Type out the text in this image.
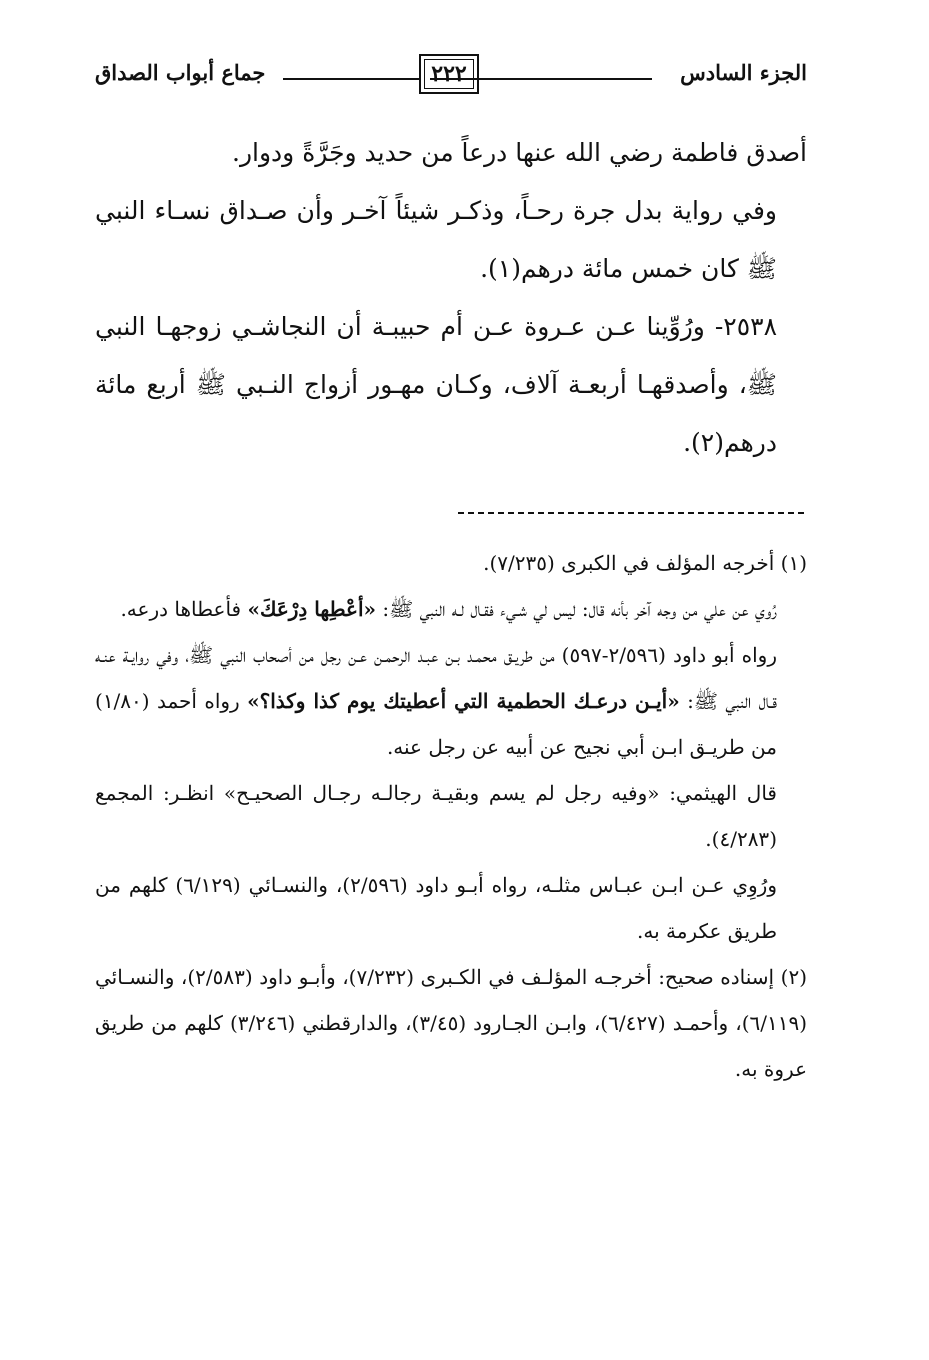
الجزء السادس
٢٢٢
جماع أبواب الصداق

أصدق فاطمة رضي الله عنها درعاً من حديد وجَرَّةً ودوار.

وفي رواية بدل جرة رحـاً، وذكـر شيئاً آخـر وأن صـداق نسـاء النبي ﷺ كان خمس مائة درهم(١).

٢٥٣٨- ورُوِّينا عـن عـروة عـن أم حبيبـة أن النجاشـي زوجهـا النبي ﷺ، وأصدقهـا أربعـة آلاف، وكـان مهـور أزواج النـبي ﷺ أربع مائة درهم(٢).

(١) أخرجه المؤلف في الكبرى (٧/٢٣٥).

رُوي عن علي من وجه آخر بأنه قال: ليس لي شـيء فقـال لـه النبي ﷺ: «أعْطِها دِرْعَكَ» فأعطاها درعه.

رواه أبو داود (٢/٥٩٦-٥٩٧) من طريـق محمـد بـن عبـد الرحمـن عـن رجل من أصحاب النبي ﷺ، وفي روايـة عنـه قـال النبي ﷺ: «أيـن درعـك الحطمية التي أعطيتك يوم كذا وكذا؟» رواه أحمد (١/٨٠) من طريـق ابـن أبي نجيح عن أبيه عن رجل عنه.

قال الهيثمي: «وفيه رجل لم يسم وبقيـة رجالـه رجـال الصحيـح» انظـر: المجمع (٤/٢٨٣).

ورُوِي عـن ابـن عبـاس مثلـه، رواه أبـو داود (٢/٥٩٦)، والنسـائي (٦/١٢٩) كلهم من طريق عكرمة به.

(٢) إسناده صحيح: أخرجـه المؤلـف في الكـبرى (٧/٢٣٢)، وأبـو داود (٢/٥٨٣)، والنسـائي (٦/١١٩)، وأحمـد (٦/٤٢٧)، وابـن الجـارود (٣/٤٥)، والدارقطني (٣/٢٤٦) كلهم من طريق عروة به.
